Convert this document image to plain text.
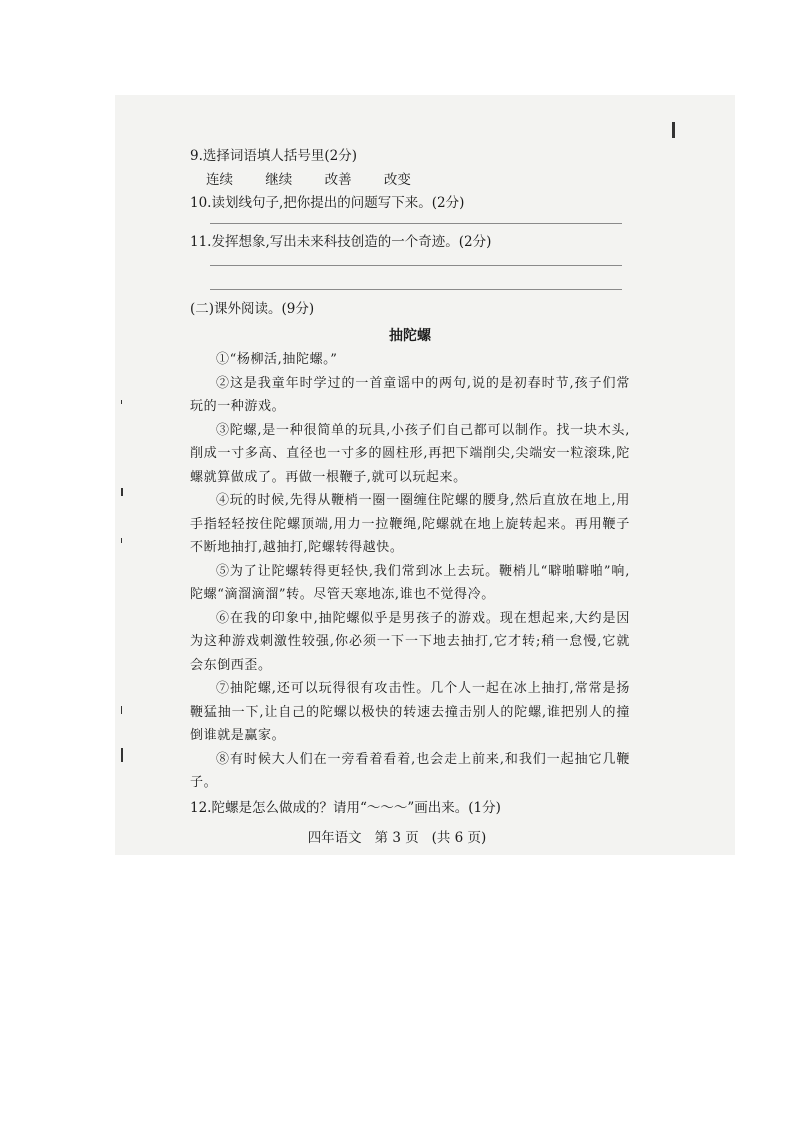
9.选择词语填人括号里(2分)
连续 继续 改善 改变
10.读划线句子,把你提出的问题写下来。(2分)
11.发挥想象,写出未来科技创造的一个奇迹。(2分)
(二)课外阅读。(9分)
抽陀螺
①“杨柳活,抽陀螺。”
②这是我童年时学过的一首童谣中的两句,说的是初春时节,孩子们常玩的一种游戏。
③陀螺,是一种很简单的玩具,小孩子们自己都可以制作。找一块木头,削成一寸多高、直径也一寸多的圆柱形,再把下端削尖,尖端安一粒滚珠,陀螺就算做成了。再做一根鞭子,就可以玩起来。
④玩的时候,先得从鞭梢一圈一圈缠住陀螺的腰身,然后直放在地上,用手指轻轻按住陀螺顶端,用力一拉鞭绳,陀螺就在地上旋转起来。再用鞭子不断地抽打,越抽打,陀螺转得越快。
⑤为了让陀螺转得更轻快,我们常到冰上去玩。鞭梢儿“噼啪噼啪”响,陀螺“滴溜滴溜”转。尽管天寒地冻,谁也不觉得冷。
⑥在我的印象中,抽陀螺似乎是男孩子的游戏。现在想起来,大约是因为这种游戏刺激性较强,你必须一下一下地去抽打,它才转;稍一怠慢,它就会东倒西歪。
⑦抽陀螺,还可以玩得很有攻击性。几个人一起在冰上抽打,常常是扬鞭猛抽一下,让自己的陀螺以极快的转速去撞击别人的陀螺,谁把别人的撞倒谁就是赢家。
⑧有时候大人们在一旁看着看着,也会走上前来,和我们一起抽它几鞭子。
12.陀螺是怎么做成的？请用“～～～”画出来。(1分)
四年语文   第 3 页   (共 6 页)
